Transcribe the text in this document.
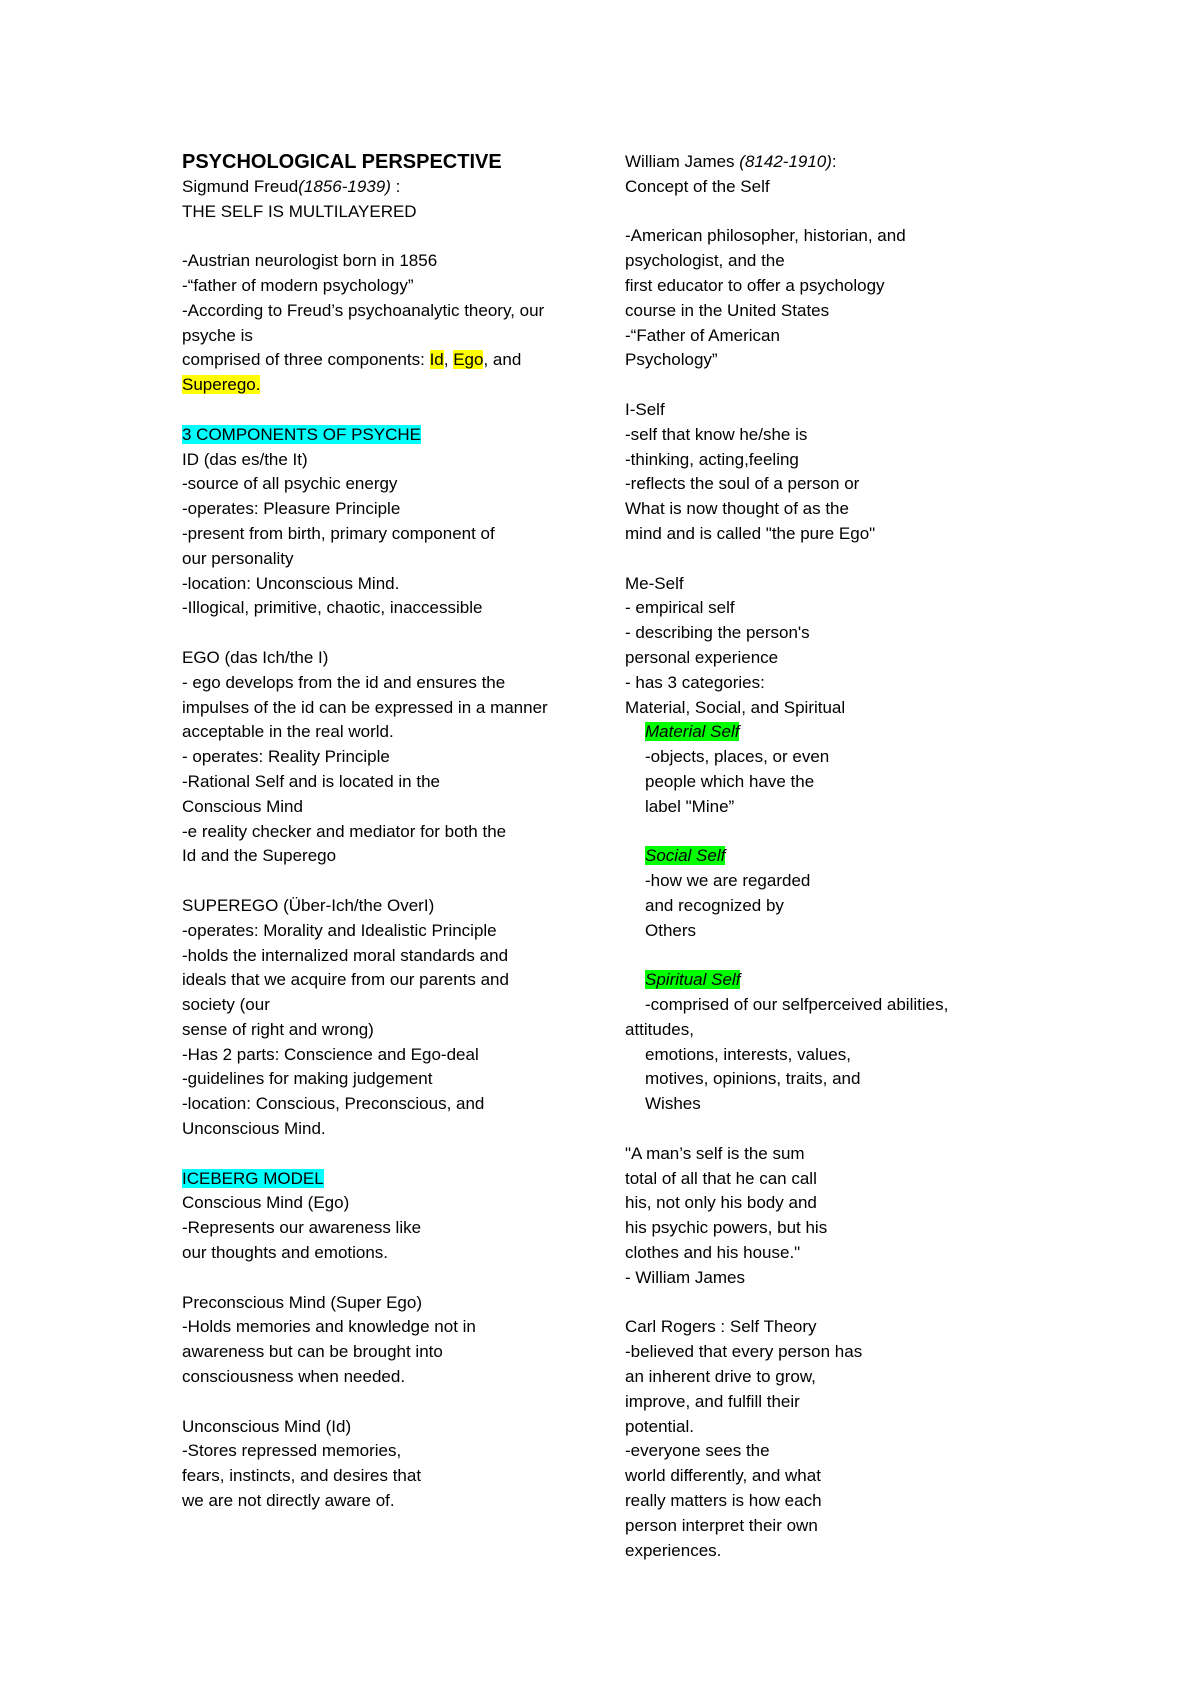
PSYCHOLOGICAL PERSPECTIVE
Sigmund Freud(1856-1939) :
THE SELF IS MULTILAYERED
-Austrian neurologist born in 1856
-“father of modern psychology”
-According to Freud’s psychoanalytic theory, our
psyche is
comprised of three components: Id, Ego, and
Superego.
3 COMPONENTS OF PSYCHE
ID (das es/the It)
-source of all psychic energy
-operates: Pleasure Principle
-present from birth, primary component of
our personality
-location: Unconscious Mind.
-Illogical, primitive, chaotic, inaccessible
EGO (das Ich/the I)
- ego develops from the id and ensures the
impulses of the id can be expressed in a manner
acceptable in the real world.
- operates: Reality Principle
-Rational Self and is located in the
Conscious Mind
-e reality checker and mediator for both the
Id and the Superego
SUPEREGO (Über-Ich/the OverI)
-operates: Morality and Idealistic Principle
-holds the internalized moral standards and
ideals that we acquire from our parents and
society (our
sense of right and wrong)
-Has 2 parts: Conscience and Ego-deal
-guidelines for making judgement
-location: Conscious, Preconscious, and
Unconscious Mind.
ICEBERG MODEL
Conscious Mind (Ego)
-Represents our awareness like
our thoughts and emotions.
Preconscious Mind (Super Ego)
-Holds memories and knowledge not in
awareness but can be brought into
consciousness when needed.
Unconscious Mind (Id)
-Stores repressed memories,
fears, instincts, and desires that
we are not directly aware of.
William James (8142-1910):
Concept of the Self
-American philosopher, historian, and
psychologist, and the
first educator to offer a psychology
course in the United States
-“Father of American
Psychology”
I-Self
-self that know he/she is
-thinking, acting,feeling
-reflects the soul of a person or
What is now thought of as the
mind and is called "the pure Ego"
Me-Self
- empirical self
- describing the person's
personal experience
- has 3 categories:
Material, Social, and Spiritual
Material Self
-objects, places, or even
people which have the
label "Mine”
Social Self
-how we are regarded
and recognized by
Others
Spiritual Self
-comprised of our selfperceived abilities,
attitudes,
emotions, interests, values,
motives, opinions, traits, and
Wishes
"A man’s self is the sum
total of all that he can call
his, not only his body and
his psychic powers, but his
clothes and his house."
- William James
Carl Rogers : Self Theory
-believed that every person has
an inherent drive to grow,
improve, and fulfill their
potential.
-everyone sees the
world differently, and what
really matters is how each
person interpret their own
experiences.
